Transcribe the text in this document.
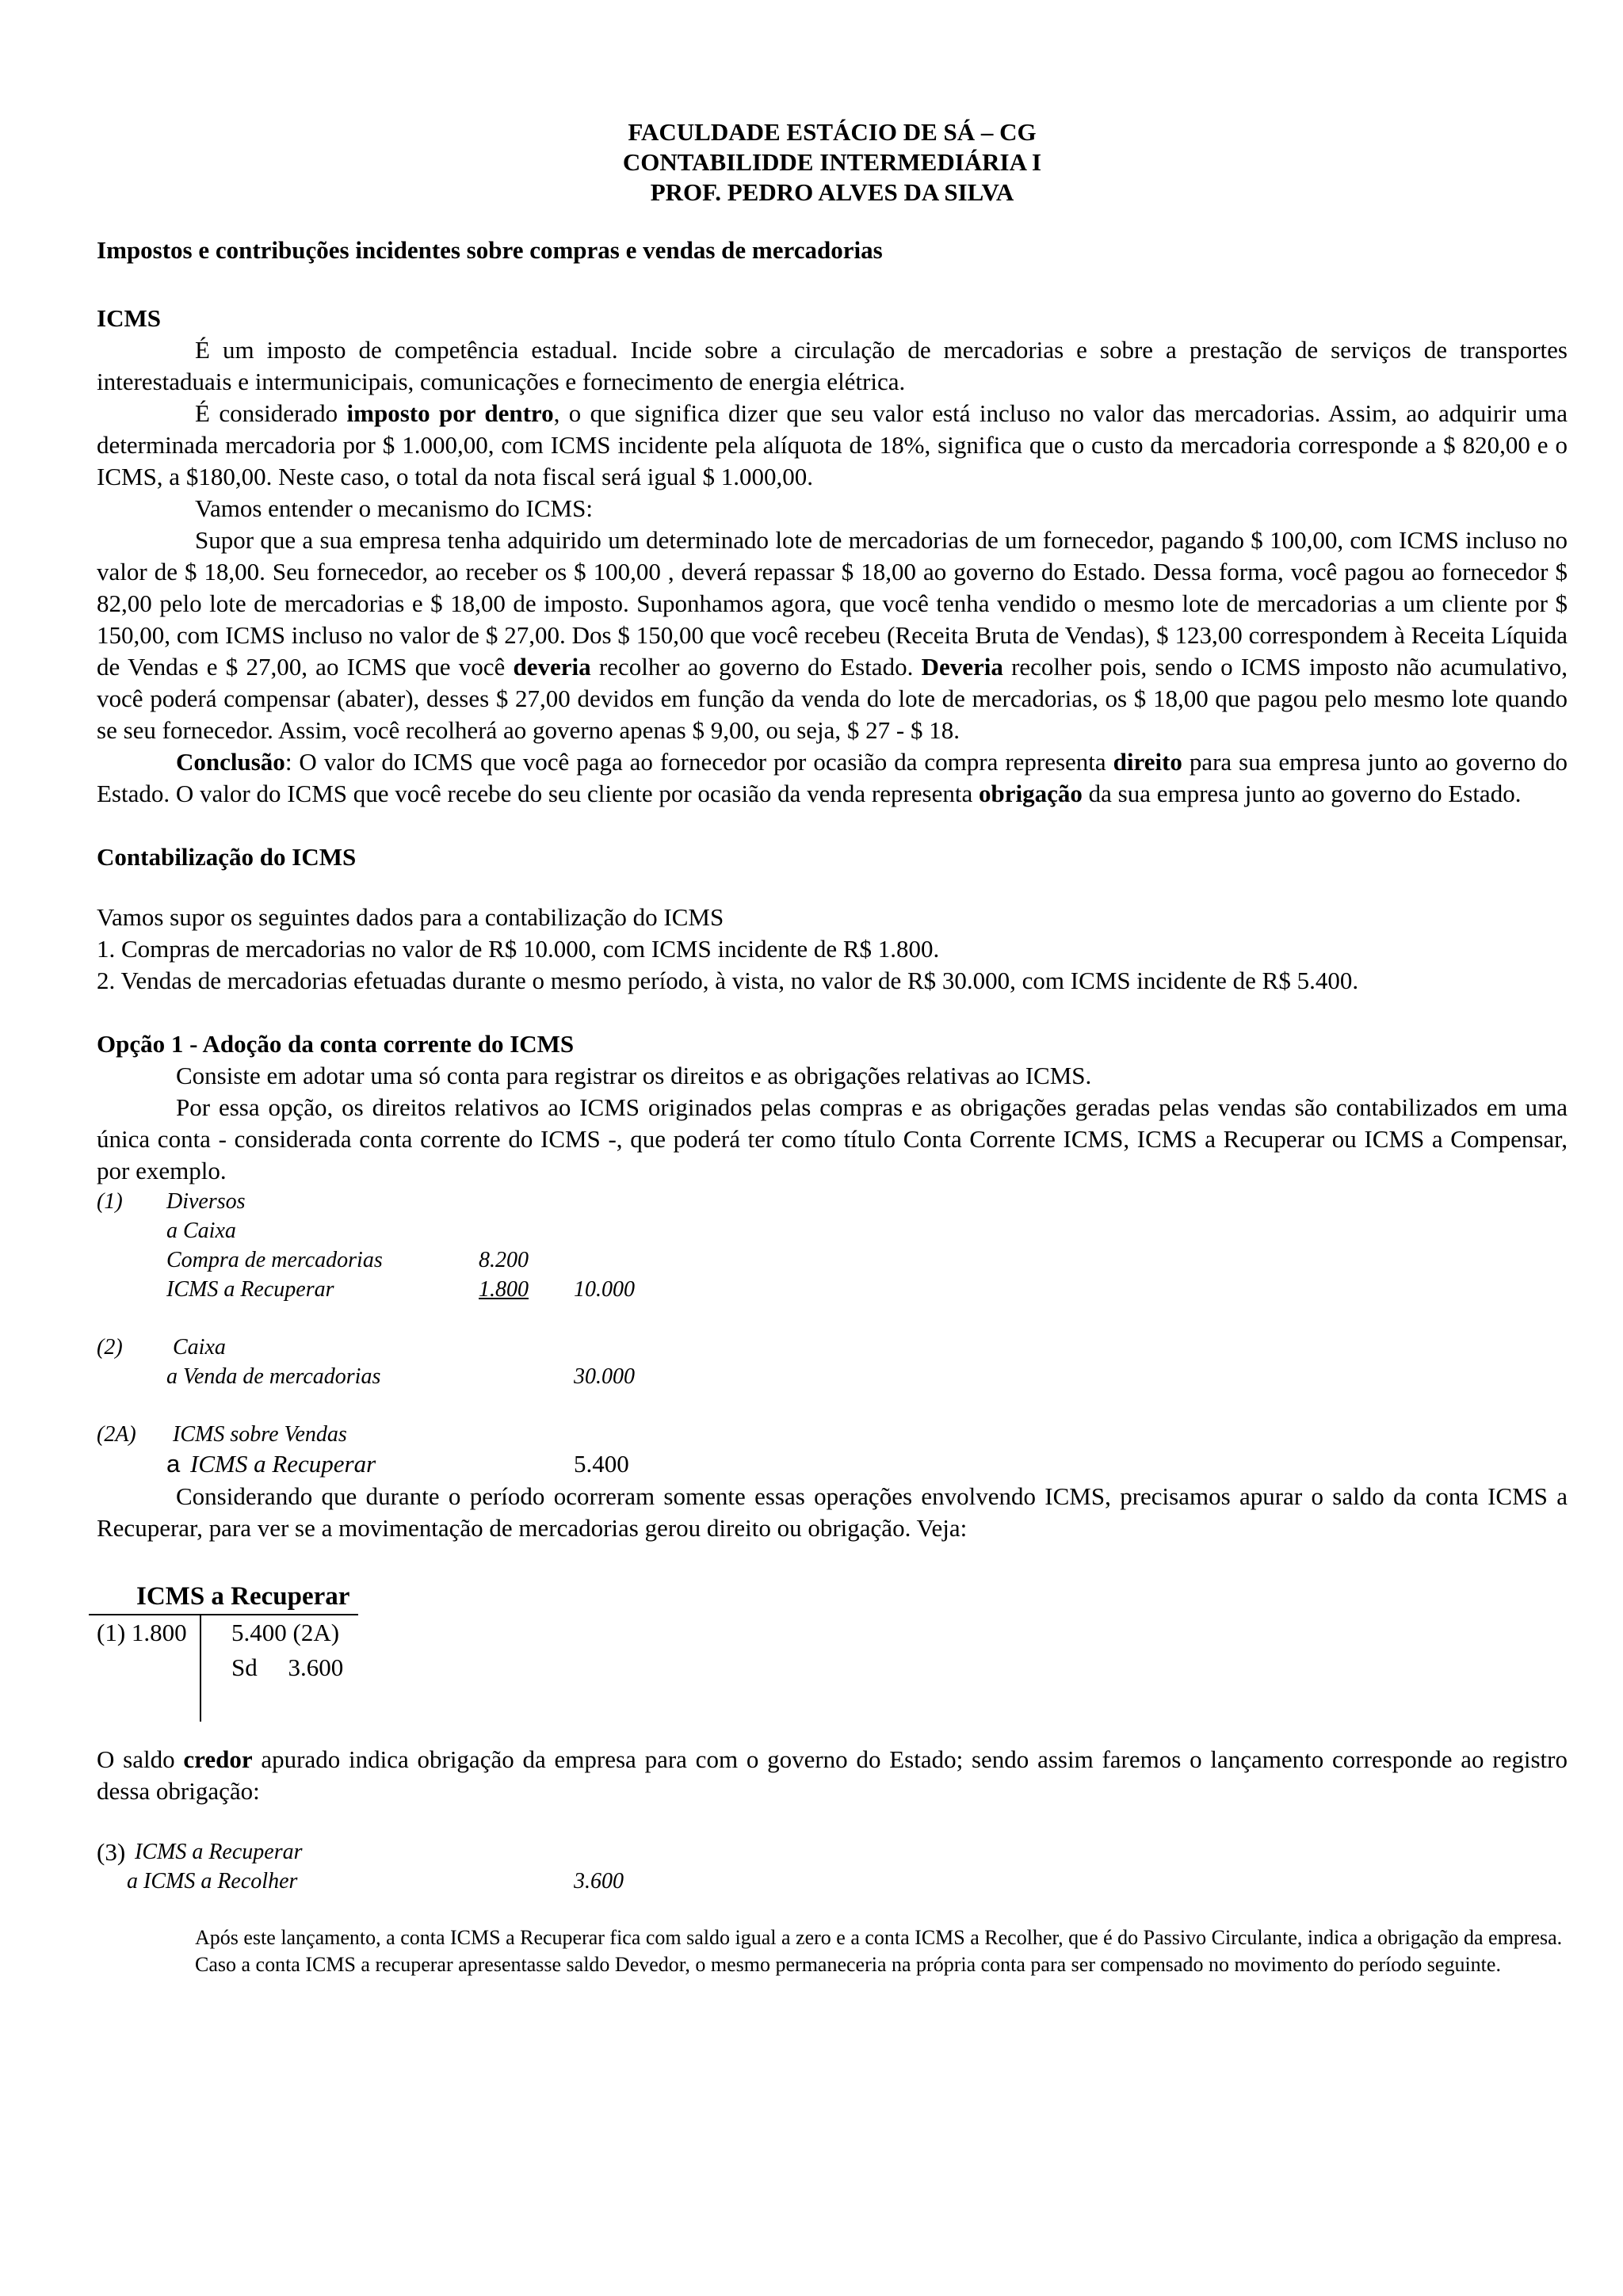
FACULDADE ESTÁCIO DE SÁ – CG
CONTABILIDDE INTERMEDIÁRIA I
PROF. PEDRO ALVES DA SILVA

Impostos e contribuções incidentes sobre compras e vendas de mercadorias

ICMS

É um imposto de competência estadual. Incide sobre a circulação de mercadorias e sobre a prestação de serviços de transportes interestaduais e intermunicipais, comunicações e fornecimento de energia elétrica.

É considerado imposto por dentro, o que significa dizer que seu valor está incluso no valor das mercadorias. Assim, ao adquirir uma determinada mercadoria por $ 1.000,00, com ICMS incidente pela alíquota de 18%, significa que o custo da mercadoria corresponde a $ 820,00 e o ICMS, a $180,00. Neste caso, o total da nota fiscal será igual $ 1.000,00.

Vamos entender o mecanismo do ICMS:

Supor que a sua empresa tenha adquirido um determinado lote de mercadorias de um fornecedor, pagando $ 100,00, com ICMS incluso no valor de $ 18,00. Seu fornecedor, ao receber os $ 100,00 , deverá repassar $ 18,00 ao governo do Estado. Dessa forma, você pagou ao fornecedor $ 82,00 pelo lote de mercadorias e $ 18,00 de imposto. Suponhamos agora, que você tenha vendido o mesmo lote de mercadorias a um cliente por $ 150,00, com ICMS incluso no valor de $ 27,00. Dos $ 150,00 que você recebeu (Receita Bruta de Vendas), $ 123,00 correspondem à Receita Líquida de Vendas e $ 27,00, ao ICMS que você deveria recolher ao governo do Estado. Deveria recolher pois, sendo o ICMS imposto não acumulativo, você poderá compensar (abater), desses $ 27,00 devidos em função da venda do lote de mercadorias, os $ 18,00 que pagou pelo mesmo lote quando se seu fornecedor. Assim, você recolherá ao governo apenas $ 9,00, ou seja, $ 27 - $ 18.

Conclusão: O valor do ICMS que você paga ao fornecedor por ocasião da compra representa direito para sua empresa junto ao governo do Estado. O valor do ICMS que você recebe do seu cliente por ocasião da venda representa obrigação da sua empresa junto ao governo do Estado.

Contabilização do ICMS

Vamos supor os seguintes dados para a contabilização do ICMS

1. Compras de mercadorias no valor de R$ 10.000, com ICMS incidente de R$ 1.800.

2. Vendas de mercadorias efetuadas durante o mesmo período, à vista, no valor de R$ 30.000, com ICMS incidente de R$ 5.400.

Opção 1 - Adoção da conta corrente do ICMS

Consiste em adotar uma só conta para registrar os direitos e as obrigações relativas ao ICMS.

Por essa opção, os direitos relativos ao ICMS originados pelas compras e as obrigações geradas pelas vendas são contabilizados em uma única conta - considerada conta corrente do ICMS -, que poderá ter como título Conta Corrente ICMS, ICMS a Recuperar ou ICMS a Compensar, por exemplo.

(1) Diversos
a Caixa
Compra de mercadorias	8.200
ICMS a Recuperar	1.800 10.000
(2) Caixa
a Venda de mercadorias	30.000
(2A) ICMS sobre Vendas
a ICMS a Recuperar	5.400

Considerando que durante o período ocorreram somente essas operações envolvendo ICMS, precisamos apurar o saldo da conta ICMS a Recuperar, para ver se a movimentação de mercadorias gerou direito ou obrigação. Veja:

ICMS a Recuperar
(1) 1.800 5.400 (2A)
Sd     3.600

O saldo credor apurado indica obrigação da empresa para com o governo do Estado; sendo assim faremos o lançamento corresponde ao registro dessa obrigação:

(3) ICMS a Recuperar
a ICMS a Recolher	3.600

Após este lançamento, a conta ICMS a Recuperar fica com saldo igual a zero e a conta ICMS a Recolher, que é do Passivo Circulante, indica a obrigação da empresa.

Caso a conta ICMS a recuperar apresentasse saldo Devedor, o mesmo permaneceria na própria conta para ser compensado no movimento do período seguinte.
